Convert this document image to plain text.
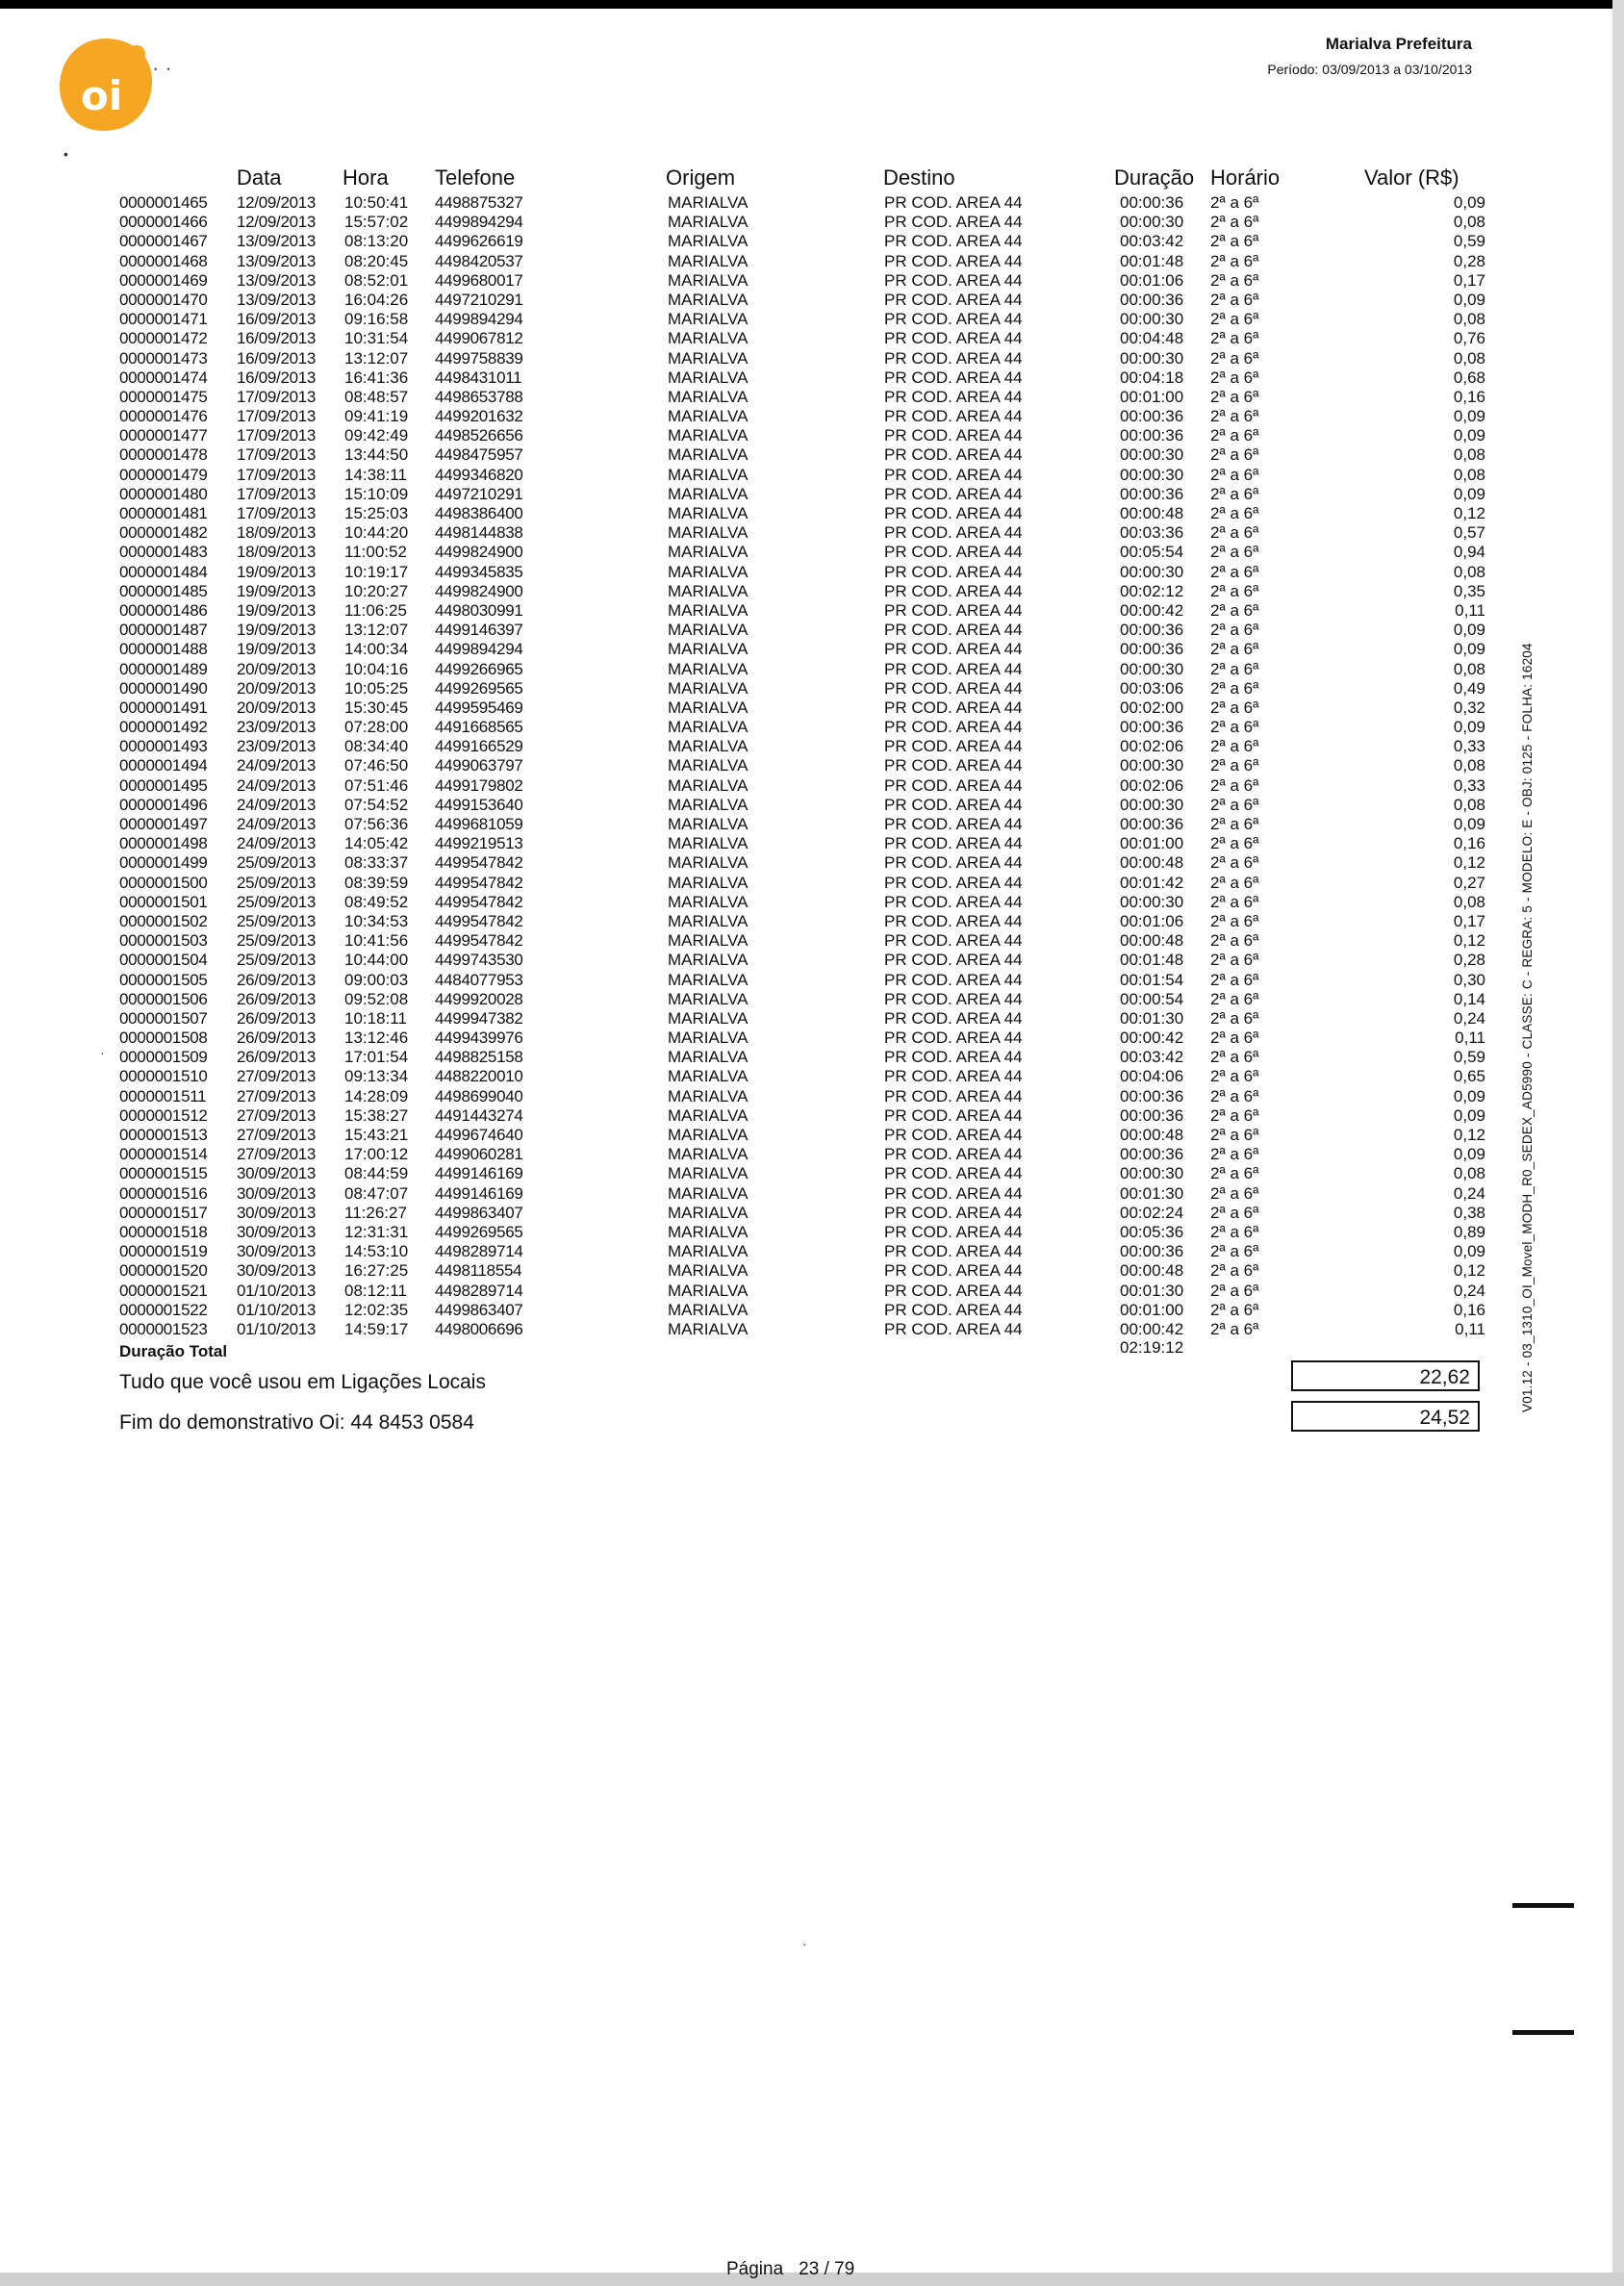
oi
· ·
Marialva Prefeitura
Período: 03/09/2013 a 03/10/2013
Data	Hora Telefone	Origem	Destino	Duração Horário	Valor (R$)
0000001465 12/09/2013 10:50:41 4498875327	MARIALVA	PR COD. AREA 44	00:00:36 2ª a 6ª	0,09
0000001466 12/09/2013 15:57:02 4499894294	MARIALVA	PR COD. AREA 44	00:00:30 2ª a 6ª	0,08
0000001467 13/09/2013 08:13:20 4499626619	MARIALVA	PR COD. AREA 44	00:03:42 2ª a 6ª	0,59
0000001468 13/09/2013 08:20:45 4498420537	MARIALVA	PR COD. AREA 44	00:01:48 2ª a 6ª	0,28
0000001469 13/09/2013 08:52:01 4499680017	MARIALVA	PR COD. AREA 44	00:01:06 2ª a 6ª	0,17
0000001470 13/09/2013 16:04:26 4497210291	MARIALVA	PR COD. AREA 44	00:00:36 2ª a 6ª	0,09
0000001471 16/09/2013 09:16:58 4499894294	MARIALVA	PR COD. AREA 44	00:00:30 2ª a 6ª	0,08
0000001472 16/09/2013 10:31:54 4499067812	MARIALVA	PR COD. AREA 44	00:04:48 2ª a 6ª	0,76
0000001473 16/09/2013 13:12:07 4499758839	MARIALVA	PR COD. AREA 44	00:00:30 2ª a 6ª	0,08
0000001474 16/09/2013 16:41:36 4498431011	MARIALVA	PR COD. AREA 44	00:04:18 2ª a 6ª	0,68
0000001475 17/09/2013 08:48:57 4498653788	MARIALVA	PR COD. AREA 44	00:01:00 2ª a 6ª	0,16
0000001476 17/09/2013 09:41:19 4499201632	MARIALVA	PR COD. AREA 44	00:00:36 2ª a 6ª	0,09
0000001477 17/09/2013 09:42:49 4498526656	MARIALVA	PR COD. AREA 44	00:00:36 2ª a 6ª	0,09
0000001478 17/09/2013 13:44:50 4498475957	MARIALVA	PR COD. AREA 44	00:00:30 2ª a 6ª	0,08
0000001479 17/09/2013 14:38:11 4499346820	MARIALVA	PR COD. AREA 44	00:00:30 2ª a 6ª	0,08
0000001480 17/09/2013 15:10:09 4497210291	MARIALVA	PR COD. AREA 44	00:00:36 2ª a 6ª	0,09
0000001481 17/09/2013 15:25:03 4498386400	MARIALVA	PR COD. AREA 44	00:00:48 2ª a 6ª	0,12
0000001482 18/09/2013 10:44:20 4498144838	MARIALVA	PR COD. AREA 44	00:03:36 2ª a 6ª	0,57
0000001483 18/09/2013 11:00:52 4499824900	MARIALVA	PR COD. AREA 44	00:05:54 2ª a 6ª	0,94
0000001484 19/09/2013 10:19:17 4499345835	MARIALVA	PR COD. AREA 44	00:00:30 2ª a 6ª	0,08
0000001485 19/09/2013 10:20:27 4499824900	MARIALVA	PR COD. AREA 44	00:02:12 2ª a 6ª	0,35
0000001486 19/09/2013 11:06:25 4498030991	MARIALVA	PR COD. AREA 44	00:00:42 2ª a 6ª	0,11
0000001487 19/09/2013 13:12:07 4499146397	MARIALVA	PR COD. AREA 44	00:00:36 2ª a 6ª	0,09
0000001488 19/09/2013 14:00:34 4499894294	MARIALVA	PR COD. AREA 44	00:00:36 2ª a 6ª	0,09
0000001489 20/09/2013 10:04:16 4499266965	MARIALVA	PR COD. AREA 44	00:00:30 2ª a 6ª	0,08
0000001490 20/09/2013 10:05:25 4499269565	MARIALVA	PR COD. AREA 44	00:03:06 2ª a 6ª	0,49
0000001491 20/09/2013 15:30:45 4499595469	MARIALVA	PR COD. AREA 44	00:02:00 2ª a 6ª	0,32
0000001492 23/09/2013 07:28:00 4491668565	MARIALVA	PR COD. AREA 44	00:00:36 2ª a 6ª	0,09
0000001493 23/09/2013 08:34:40 4499166529	MARIALVA	PR COD. AREA 44	00:02:06 2ª a 6ª	0,33
0000001494 24/09/2013 07:46:50 4499063797	MARIALVA	PR COD. AREA 44	00:00:30 2ª a 6ª	0,08
0000001495 24/09/2013 07:51:46 4499179802	MARIALVA	PR COD. AREA 44	00:02:06 2ª a 6ª	0,33
0000001496 24/09/2013 07:54:52 4499153640	MARIALVA	PR COD. AREA 44	00:00:30 2ª a 6ª	0,08
0000001497 24/09/2013 07:56:36 4499681059	MARIALVA	PR COD. AREA 44	00:00:36 2ª a 6ª	0,09
0000001498 24/09/2013 14:05:42 4499219513	MARIALVA	PR COD. AREA 44	00:01:00 2ª a 6ª	0,16
0000001499 25/09/2013 08:33:37 4499547842	MARIALVA	PR COD. AREA 44	00:00:48 2ª a 6ª	0,12
0000001500 25/09/2013 08:39:59 4499547842	MARIALVA	PR COD. AREA 44	00:01:42 2ª a 6ª	0,27
0000001501 25/09/2013 08:49:52 4499547842	MARIALVA	PR COD. AREA 44	00:00:30 2ª a 6ª	0,08
0000001502 25/09/2013 10:34:53 4499547842	MARIALVA	PR COD. AREA 44	00:01:06 2ª a 6ª	0,17
0000001503 25/09/2013 10:41:56 4499547842	MARIALVA	PR COD. AREA 44	00:00:48 2ª a 6ª	0,12
0000001504 25/09/2013 10:44:00 4499743530	MARIALVA	PR COD. AREA 44	00:01:48 2ª a 6ª	0,28
0000001505 26/09/2013 09:00:03 4484077953	MARIALVA	PR COD. AREA 44	00:01:54 2ª a 6ª	0,30
0000001506 26/09/2013 09:52:08 4499920028	MARIALVA	PR COD. AREA 44	00:00:54 2ª a 6ª	0,14
0000001507 26/09/2013 10:18:11 4499947382	MARIALVA	PR COD. AREA 44	00:01:30 2ª a 6ª	0,24
0000001508 26/09/2013 13:12:46 4499439976	MARIALVA	PR COD. AREA 44	00:00:42 2ª a 6ª	0,11
0000001509 26/09/2013 17:01:54 4498825158	MARIALVA	PR COD. AREA 44	00:03:42 2ª a 6ª	0,59
0000001510 27/09/2013 09:13:34 4488220010	MARIALVA	PR COD. AREA 44	00:04:06 2ª a 6ª	0,65
0000001511 27/09/2013 14:28:09 4498699040	MARIALVA	PR COD. AREA 44	00:00:36 2ª a 6ª	0,09
0000001512 27/09/2013 15:38:27 4491443274	MARIALVA	PR COD. AREA 44	00:00:36 2ª a 6ª	0,09
0000001513 27/09/2013 15:43:21 4499674640	MARIALVA	PR COD. AREA 44	00:00:48 2ª a 6ª	0,12
0000001514 27/09/2013 17:00:12 4499060281	MARIALVA	PR COD. AREA 44	00:00:36 2ª a 6ª	0,09
0000001515 30/09/2013 08:44:59 4499146169	MARIALVA	PR COD. AREA 44	00:00:30 2ª a 6ª	0,08
0000001516 30/09/2013 08:47:07 4499146169	MARIALVA	PR COD. AREA 44	00:01:30 2ª a 6ª	0,24
0000001517 30/09/2013 11:26:27 4499863407	MARIALVA	PR COD. AREA 44	00:02:24 2ª a 6ª	0,38
0000001518 30/09/2013 12:31:31 4499269565	MARIALVA	PR COD. AREA 44	00:05:36 2ª a 6ª	0,89
0000001519 30/09/2013 14:53:10 4498289714	MARIALVA	PR COD. AREA 44	00:00:36 2ª a 6ª	0,09
0000001520 30/09/2013 16:27:25 4498118554	MARIALVA	PR COD. AREA 44	00:00:48 2ª a 6ª	0,12
0000001521 01/10/2013 08:12:11 4498289714	MARIALVA	PR COD. AREA 44	00:01:30 2ª a 6ª	0,24
0000001522 01/10/2013 12:02:35 4499863407	MARIALVA	PR COD. AREA 44	00:01:00 2ª a 6ª	0,16
0000001523 01/10/2013 14:59:17 4498006696	MARIALVA	PR COD. AREA 44	00:00:42 2ª a 6ª	0,11
Duração Total	02:19:12
Tudo que você usou em Ligações Locais	22,62
Fim do demonstrativo Oi: 44 8453 0584	24,52
V01.12 - 03_1310_OI_Movel_MODH_R0_SEDEX_AD5990 - CLASSE: C - REGRA: 5 - MODELO: E - OBJ: 0125 - FOLHA: 16204
•
·
·
Página 23 / 79
